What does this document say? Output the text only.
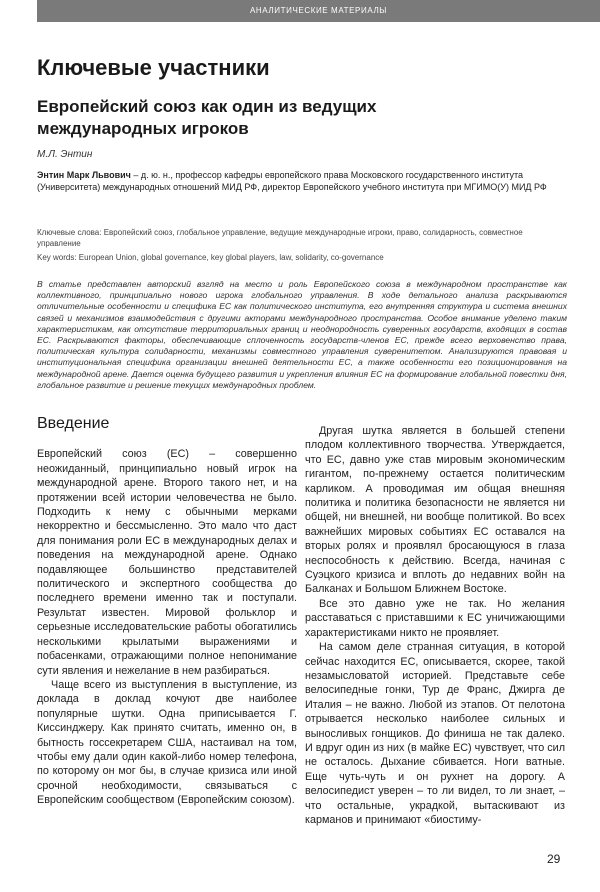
АНАЛИТИЧЕСКИЕ МАТЕРИАЛЫ
Ключевые участники
Европейский союз как один из ведущих международных игроков
М.Л. Энтин
Энтин Марк Львович – д. ю. н., профессор кафедры европейского права Московского государственного института (Университета) международных отношений МИД РФ, директор Европейского учебного института при МГИМО(У) МИД РФ

Ключевые слова: Европейский союз, глобальное управление, ведущие международные игроки, право, солидарность, совместное управление

Key words: European Union, global governance, key global players, law, solidarity, co-governance

В статье представлен авторский взгляд на место и роль Европейского союза в международном пространстве как коллективного, принципиально нового игрока глобального управления. В ходе детального анализа раскрываются отличительные особенности и специфика ЕС как политического института, его внутренняя структура и система внешних связей и механизмов взаимодействия с другими акторами международного пространства. Особое внимание уделено таким характеристикам, как отсутствие территориальных границ и неоднородность суверенных государств, входящих в состав ЕС. Раскрываются факторы, обеспечивающие сплоченность государств-членов ЕС, прежде всего верховенство права, политическая культура солидарности, механизмы совместного управления суверенитетом. Анализируются правовая и институциональная специфика организации внешней деятельности ЕС, а также особенности его позиционирования на международной арене. Дается оценка будущего развития и укрепления влияния ЕС на формирование глобальной повестки дня, глобальное развитие и решение текущих международных проблем.

Введение

Европейский союз (ЕС) – совершенно неожиданный, принципиально новый игрок на международной арене. Второго такого нет, и на протяжении всей истории человечества не было. Подходить к нему с обычными мерками некорректно и бессмысленно. Это мало что даст для понимания роли ЕС в международных делах и поведения на международной арене. Однако подавляющее большинство представителей политического и экспертного сообщества до последнего времени именно так и поступали. Результат известен. Мировой фольклор и серьезные исследовательские работы обогатились несколькими крылатыми выражениями и побасенками, отражающими полное непонимание сути явления и нежелание в нем разбираться.

Чаще всего из выступления в выступление, из доклада в доклад кочуют две наиболее популярные шутки. Одна приписывается Г. Киссинджеру. Как принято считать, именно он, в бытность госсекретарем США, настаивал на том, чтобы ему дали один какой-либо номер телефона, по которому он мог бы, в случае кризиса или иной срочной необходимости, связываться с Европейским сообществом (Европейским союзом).

Другая шутка является в большей степени плодом коллективного творчества. Утверждается, что ЕС, давно уже став мировым экономическим гигантом, по-прежнему остается политическим карликом. А проводимая им общая внешняя политика и политика безопасности не является ни общей, ни внешней, ни вообще политикой. Во всех важнейших мировых событиях ЕС оставался на вторых ролях и проявлял бросающуюся в глаза неспособность к действию. Всегда, начиная с Суэцкого кризиса и вплоть до недавних войн на Балканах и Большом Ближнем Востоке.

Все это давно уже не так. Но желания расставаться с приставшими к ЕС уничижающими характеристиками никто не проявляет.

На самом деле странная ситуация, в которой сейчас находится ЕС, описывается, скорее, такой незамысловатой историей. Представьте себе велосипедные гонки, Тур де Франс, Джирга де Италия – не важно. Любой из этапов. От пелотона отрывается несколько наиболее сильных и выносливых гонщиков. До финиша не так далеко. И вдруг один из них (в майке ЕС) чувствует, что сил не осталось. Дыхание сбивается. Ноги ватные. Еще чуть-чуть и он рухнет на дорогу. А велосипедист уверен – то ли видел, то ли знает, – что остальные, украдкой, вытаскивают из карманов и принимают «биостиму-

29
